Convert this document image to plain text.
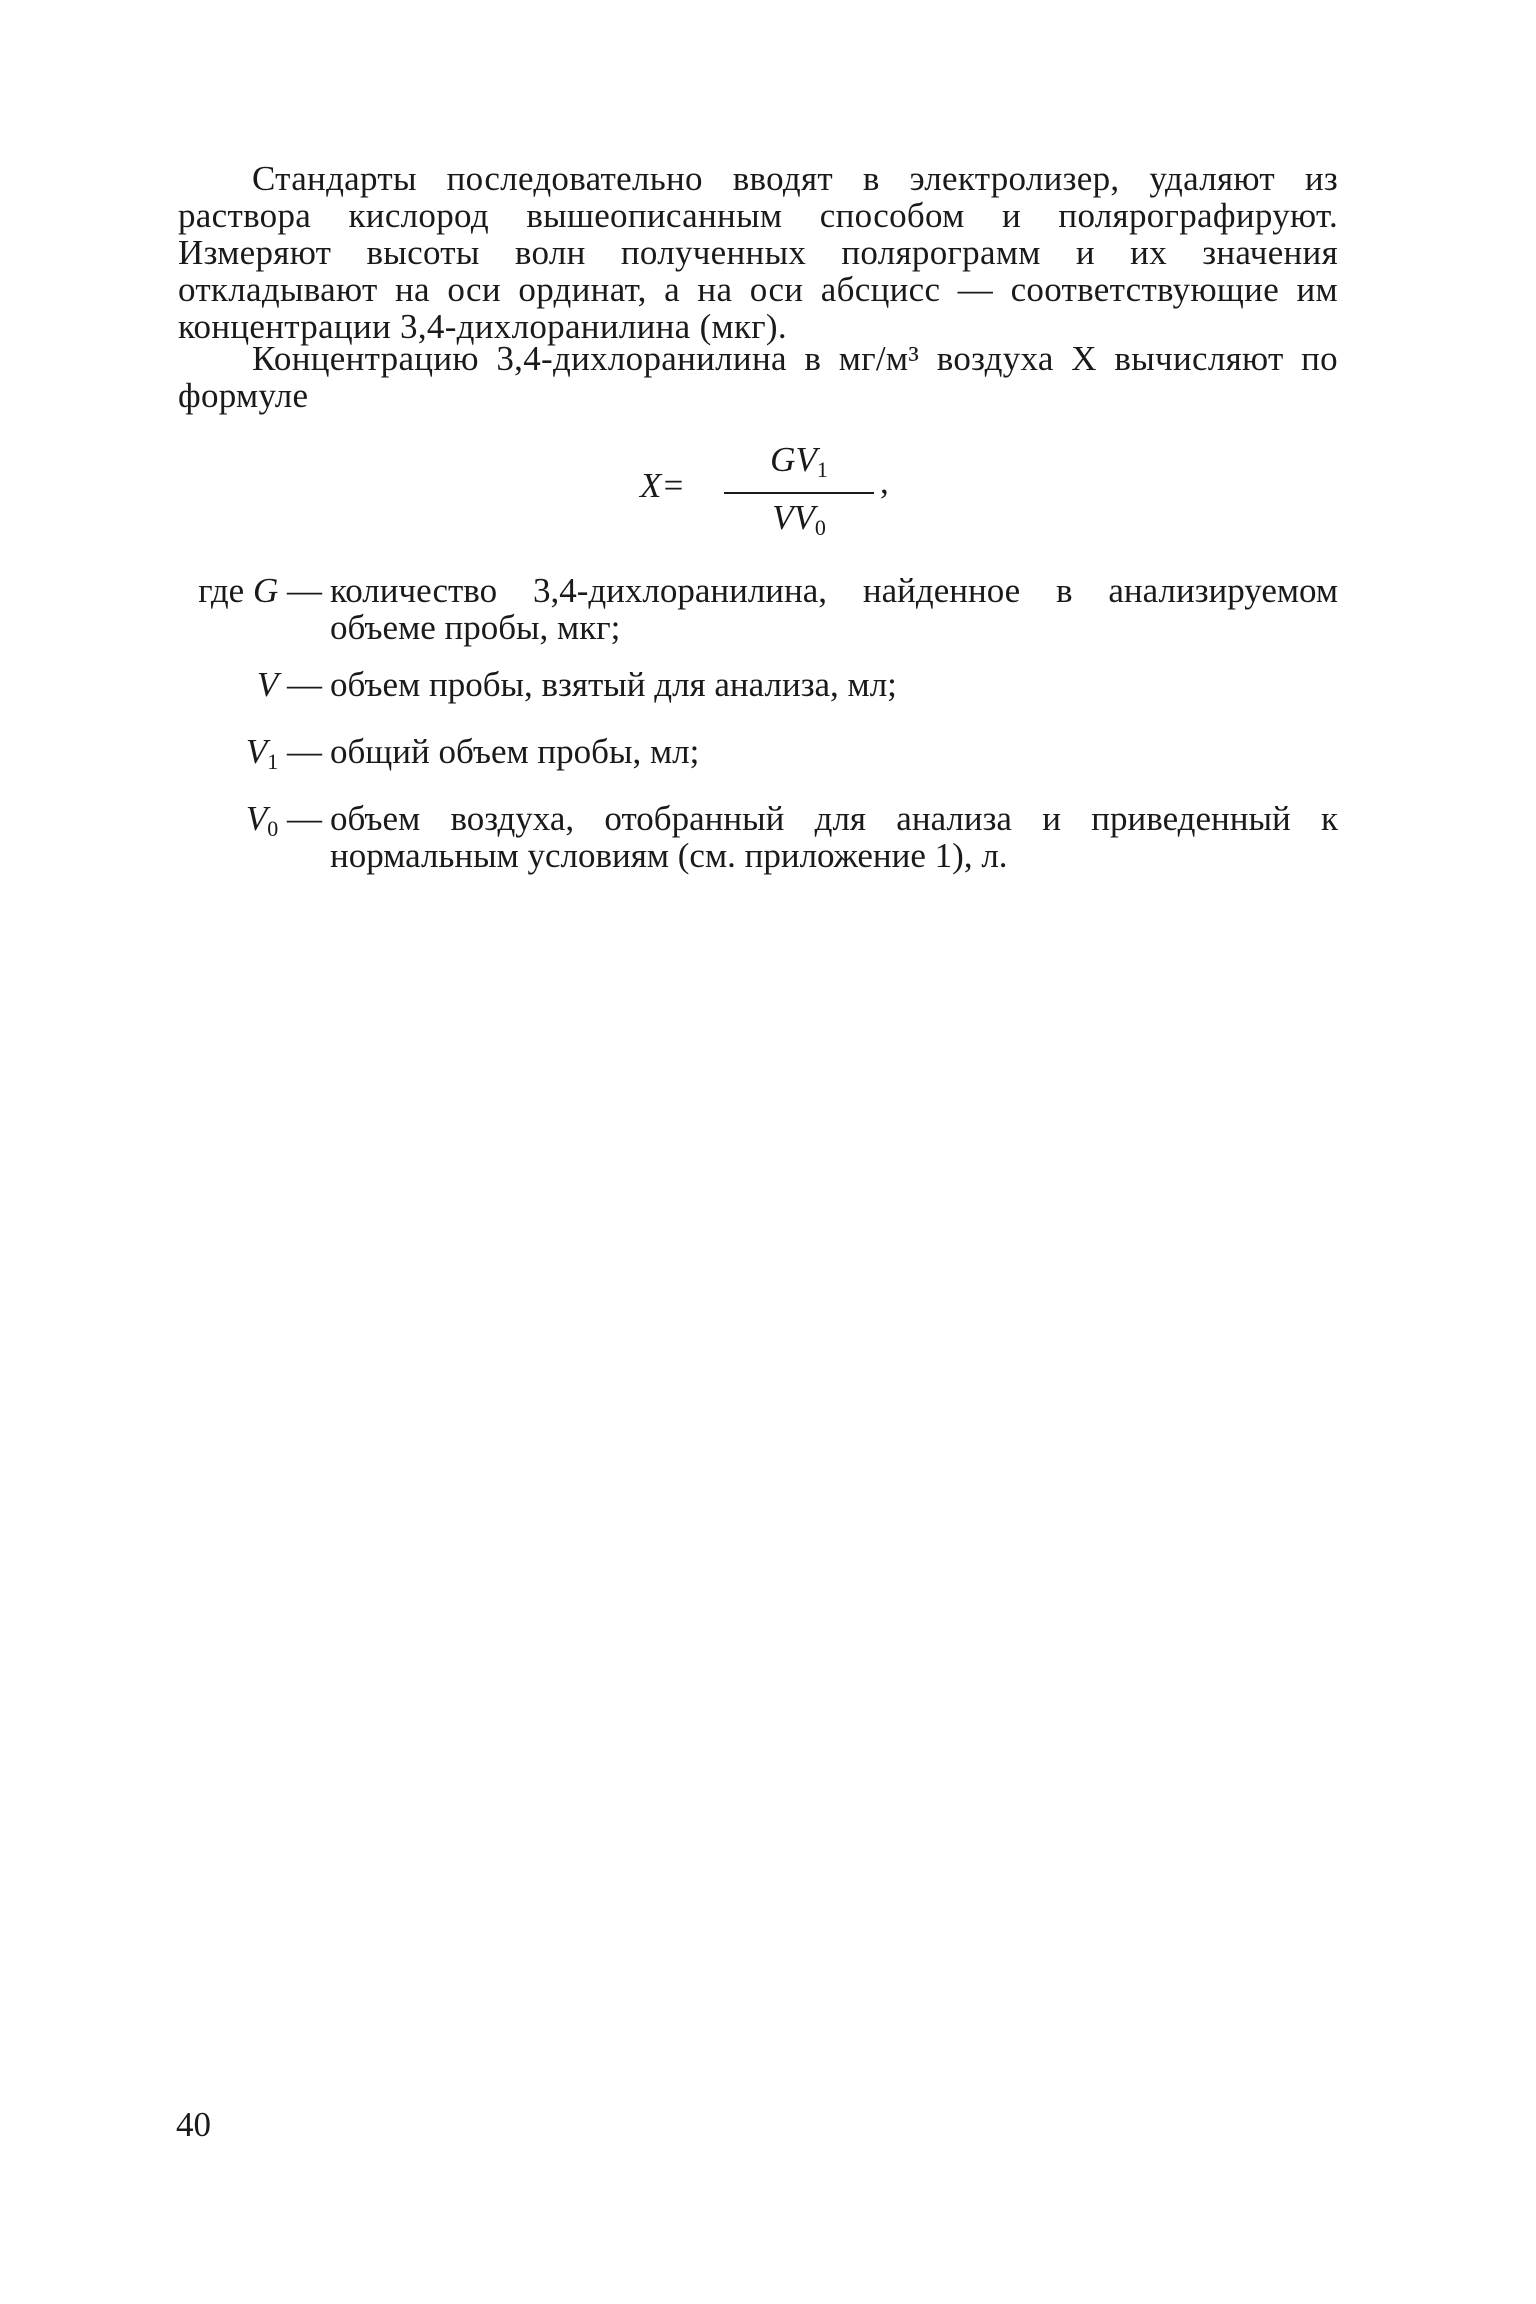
Стандарты последовательно вводят в электролизер, удаляют из раствора кислород вышеописанным способом и полярографируют. Измеряют высоты волн полученных полярограмм и их значения откладывают на оси ординат, а на оси абсцисс — соответствующие им концентрации 3,4-дихлоранилина (мкг).

Концентрацию 3,4-дихлоранилина в мг/м³ воздуха X вычисляют по формуле

X=
$GV_1$
$VV_0$
,
где G — количество 3,4-дихлоранилина, найденное в анализируемом объеме пробы, мкг;
V — объем пробы, взятый для анализа, мл;
$V_1$ — общий объем пробы, мл;
$V_0$ — объем воздуха, отобранный для анализа и приведенный к нормальным условиям (см. приложение 1), л.
40
